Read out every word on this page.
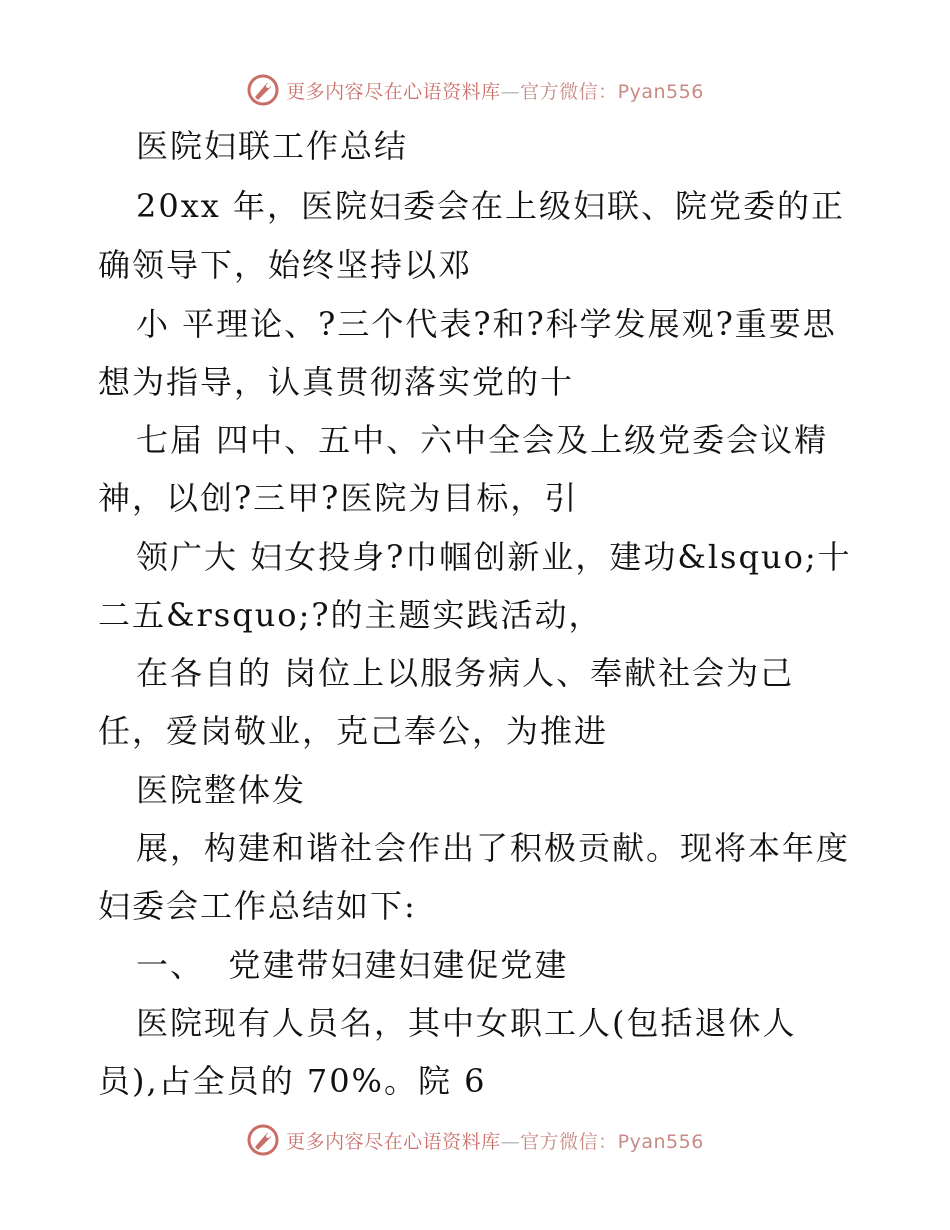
更多内容尽在心语资料库—官方微信：Pyan556
医院妇联工作总结
20xx 年，医院妇委会在上级妇联、院党委的正
确领导下，始终坚持以邓
小 平理论、?三个代表?和?科学发展观?重要思
想为指导，认真贯彻落实党的十
七届 四中、五中、六中全会及上级党委会议精
神，以创?三甲?医院为目标，引
领广大 妇女投身?巾帼创新业，建功&lsquo;十
二五&rsquo;?的主题实践活动，
在各自的 岗位上以服务病人、奉献社会为己
任，爱岗敬业，克己奉公，为推进
医院整体发
展，构建和谐社会作出了积极贡献。现将本年度
妇委会工作总结如下:
一、  党建带妇建妇建促党建
医院现有人员名，其中女职工人(包括退休人
员),占全员的 70%。院 6
更多内容尽在心语资料库—官方微信：Pyan556
